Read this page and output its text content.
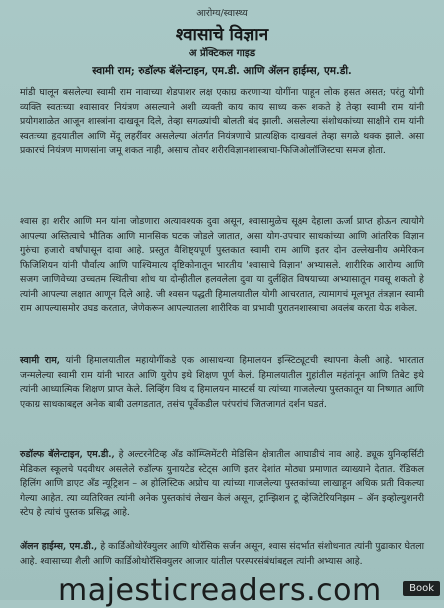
आरोग्य/स्वास्थ्य
श्वासाचे विज्ञान
अ प्रॅक्टिकल गाइड
स्वामी राम; रुडॉल्फ बॅलेन्टाइन, एम.डी. आणि ॲलन हाईम्स, एम.डी.

मांडी घालून बसलेल्या स्वामी राम नावाच्या शेडपाशर लक्ष एकाग्र करणाऱ्या योगींना पाहून लोक हसत असत; परंतु योगी व्यक्ति स्वतःच्या श्वासावर नियंत्रण असल्याने अशी व्यक्ती काय काय साध्य करू शकते हे तेव्हा स्वामी राम यांनी प्रयोगशाळेत आजून शास्त्रांना दाखवून दिले, तेव्हा सगळ्यांची बोलती बंद झाली. असलेल्या संशोधकांच्या साक्षीने राम यांनी स्वतःच्या हृदयातील आणि मेंदू लहरींवर असलेल्या अंतर्गत नियंत्रणाचे प्रात्यक्षिक दाखवलं तेव्हा सगळे थक्क झाले. असा प्रकारचं नियंत्रण माणसांना जमू शकत नाही, असाच तोवर शरीरविज्ञानशास्त्राचा-फिजिओलॉजिस्टचा समज होता.

श्वास हा शरीर आणि मन यांना जोडणारा अत्यावश्यक दुवा असून, श्वासामुळेच सूक्ष्म देहाला ऊर्जा प्राप्त होऊन त्यायोगे आपल्या अस्तित्वाचे भौतिक आणि मानसिक घटक जोडले जातात, असा योग-उपचार साधकांच्या आणि आंतरिक विज्ञान गुरुंचा हजारो वर्षांपासून दावा आहे. प्रस्तुत वैशिष्ट्यपूर्ण पुस्तकात स्वामी राम आणि इतर दोन उल्लेखनीय अमेरिकन फिजिशियन यांनी पौर्वात्य आणि पाश्चिमात्य दृष्टिकोनातून भारतीय 'श्वासाचे विज्ञान' अभ्यासले. शारीरिक आरोग्य आणि सजग जाणिवेच्या उच्चतम स्थितीचा शोध या दोन्हीतील हलवलेला दुवा या दुर्लक्षित विषयाच्या अभ्यासातून गवसू शकतो हे त्यांनी आपल्या लक्षात आणून दिले आहे. जी श्वसन पद्धती हिमालयातील योगी आचरतात, त्यामागचं मूलभूत तंत्रज्ञान स्वामी राम आपल्यासमोर उघड करतात, जेणेकरून आपल्यातला शारीरिक वा प्रभावी पुरातनशास्त्राचा अवलंब करता येऊ शकेल.

स्वामी राम, यांनी हिमालयातील महायोगींकडे एक आसाधन्या हिमालयन इन्स्टिट्यूटची स्थापना केली आहे. भारतात जन्मलेल्या स्वामी राम यांनी भारत आणि युरोप इथे शिक्षण पूर्ण केलं. हिमालयातील गुहांतील महंतांनून आणि तिबेट इथे त्यांनी आध्यात्मिक शिक्षण प्राप्त केले. लिव्हिंग विथ द हिमालयन मास्टर्स या त्यांच्या गाजलेल्या पुस्तकातून या निष्णात आणि एकाग्र साधकाबद्दल अनेक बाबी उलगडतात, तसंच पूर्वेकडील परंपरांचं जितजागतं दर्शन घडतं.

रुडॉल्फ बॅलेन्टाइन, एम.डी., हे अल्टरनेटिव्ह अँड कॉम्प्लिमेंटरी मेडिसिन क्षेत्रातील आघाडीचं नाव आहे. ड्यूक युनिव्हर्सिटी मेडिकल स्कूलचे पदवीधर असलेले रुडॉल्फ युनायटेड स्टेट्स आणि इतर देशांत मोठ्या प्रमाणात व्याख्याने देतात. रॅडिकल हिलिंग आणि डाएट अँड न्यूट्रिशन – अ होलिस्टिक अप्रोच या त्यांच्या गाजलेल्या पुस्तकांच्या लाखाहून अधिक प्रती विकल्या गेल्या आहेत. त्या व्यतिरिक्त त्यांनी अनेक पुस्तकांचं लेखन केलं असून, ट्रान्झिशन टू व्हेजिटेरियनिझम – ॲन इव्होल्युशनरी स्टेप हे त्यांचं पुस्तक प्रसिद्ध आहे.

ॲलन हाईम्स, एम.डी., हे कार्डिओथोरॅक्युलर आणि थोरॅसिक सर्जन असून, श्वास संदर्भात संशोधनात त्यांनी पुढाकार घेतला आहे. श्वासाच्या शैली आणि कार्डिओथोरॅसिक्युलर आजार यांतील परस्परसंबंधांबद्दल त्यांनी अभ्यास आहे.

majesticreaders.com	Book
